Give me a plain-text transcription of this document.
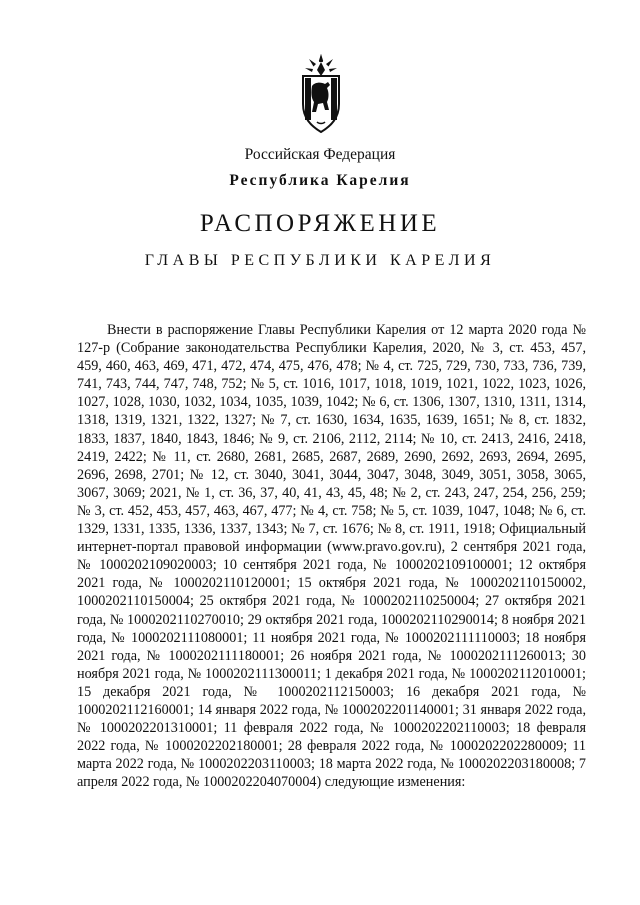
Российская Федерация
Республика Карелия
РАСПОРЯЖЕНИЕ
ГЛАВЫ РЕСПУБЛИКИ КАРЕЛИЯ

Внести в распоряжение Главы Республики Карелия от 12 марта 2020 года № 127-р (Собрание законодательства Республики Карелия, 2020, № 3, ст. 453, 457, 459, 460, 463, 469, 471, 472, 474, 475, 476, 478; № 4, ст. 725, 729, 730, 733, 736, 739, 741, 743, 744, 747, 748, 752; № 5, ст. 1016, 1017, 1018, 1019, 1021, 1022, 1023, 1026, 1027, 1028, 1030, 1032, 1034, 1035, 1039, 1042; № 6, ст. 1306, 1307, 1310, 1311, 1314, 1318, 1319, 1321, 1322, 1327; № 7, ст. 1630, 1634, 1635, 1639, 1651; № 8, ст. 1832, 1833, 1837, 1840, 1843, 1846; № 9, ст. 2106, 2112, 2114; № 10, ст. 2413, 2416, 2418, 2419, 2422; № 11, ст. 2680, 2681, 2685, 2687, 2689, 2690, 2692, 2693, 2694, 2695, 2696, 2698, 2701; № 12, ст. 3040, 3041, 3044, 3047, 3048, 3049, 3051, 3058, 3065, 3067, 3069; 2021, № 1, ст. 36, 37, 40, 41, 43, 45, 48; № 2, ст. 243, 247, 254, 256, 259; № 3, ст. 452, 453, 457, 463, 467, 477; № 4, ст. 758; № 5, ст. 1039, 1047, 1048; № 6, ст. 1329, 1331, 1335, 1336, 1337, 1343; № 7, ст. 1676; № 8, ст. 1911, 1918; Официальный интернет-портал правовой информации (www.pravo.gov.ru), 2 сентября 2021 года, № 1000202109020003; 10 сентября 2021 года, № 1000202109100001; 12 октября 2021 года, № 1000202110120001; 15 октября 2021 года, № 1000202110150002, 1000202110150004; 25 октября 2021 года, № 1000202110250004; 27 октября 2021 года, № 1000202110270010; 29 октября 2021 года, 1000202110290014; 8 ноября 2021 года, № 1000202111080001; 11 ноября 2021 года, № 1000202111110003; 18 ноября 2021 года, № 1000202111180001; 26 ноября 2021 года, № 1000202111260013; 30 ноября 2021 года, № 1000202111300011; 1 декабря 2021 года, № 1000202112010001; 15 декабря 2021 года, № 1000202112150003; 16 декабря 2021 года, № 1000202112160001; 14 января 2022 года, № 1000202201140001; 31 января 2022 года, № 1000202201310001; 11 февраля 2022 года, № 1000202202110003; 18 февраля 2022 года, № 1000202202180001; 28 февраля 2022 года, № 1000202202280009; 11 марта 2022 года, № 1000202203110003; 18 марта 2022 года, № 1000202203180008; 7 апреля 2022 года, № 1000202204070004) следующие изменения:
